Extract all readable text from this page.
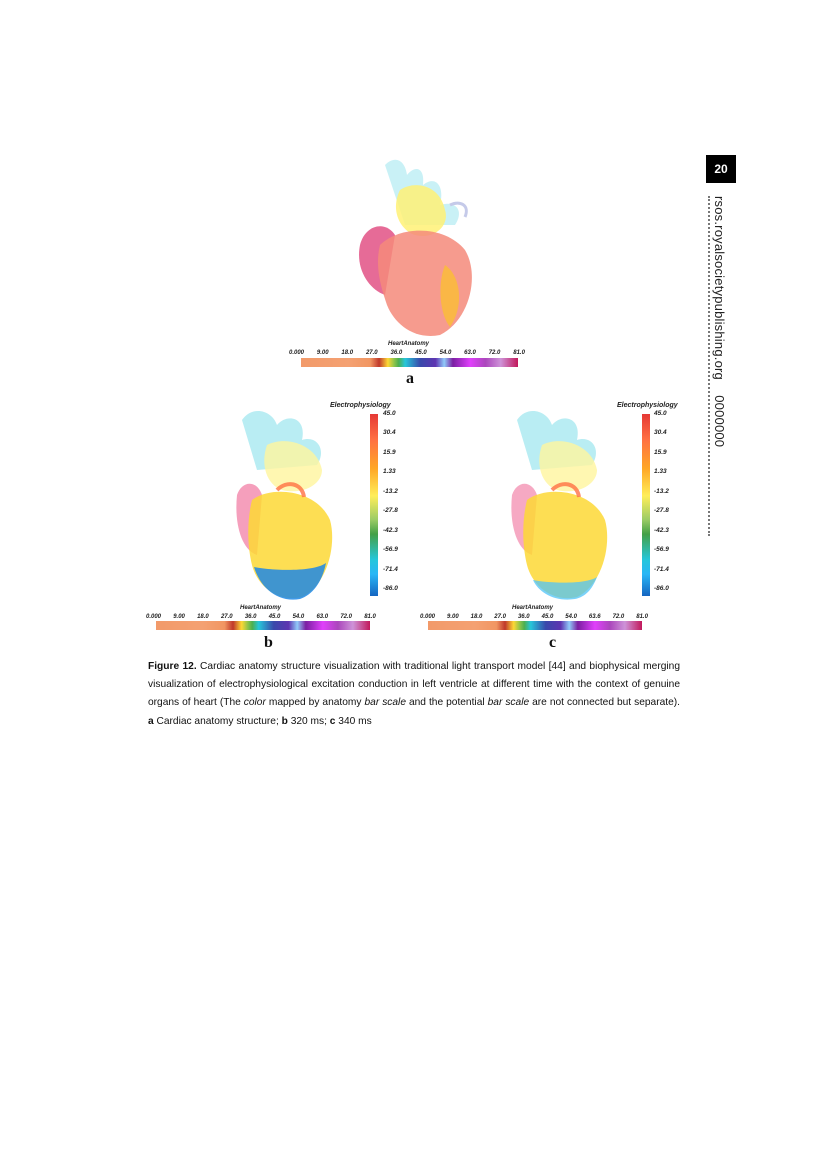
20
rsos.royalsocietypublishing.org    0000000
HeartAnatomy
0.000 9.00 18.0 27.0 36.0 45.0 54.0 63.0 72.0 81.0
a
Electrophysiology
45.0
30.4
15.9
1.33
-13.2
-27.8
-42.3
-56.9
-71.4
-86.0
HeartAnatomy
0.000 9.00 18.0 27.0 36.0 45.0 54.0 63.0 72.0 81.0
b
Electrophysiology
45.0
30.4
15.9
1.33
-13.2
-27.8
-42.3
-56.9
-71.4
-86.0
HeartAnatomy
0.000 9.00 18.0 27.0 36.0 45.0 54.0 63.6 72.0 81.0
c
Figure 12. Cardiac anatomy structure visualization with traditional light transport model [44] and biophysical merging visualization of electrophysiological excitation conduction in left ventricle at different time with the context of genuine organs of heart (The color mapped by anatomy bar scale and the potential bar scale are not connected but separate). a Cardiac anatomy structure; b 320 ms; c 340 ms
